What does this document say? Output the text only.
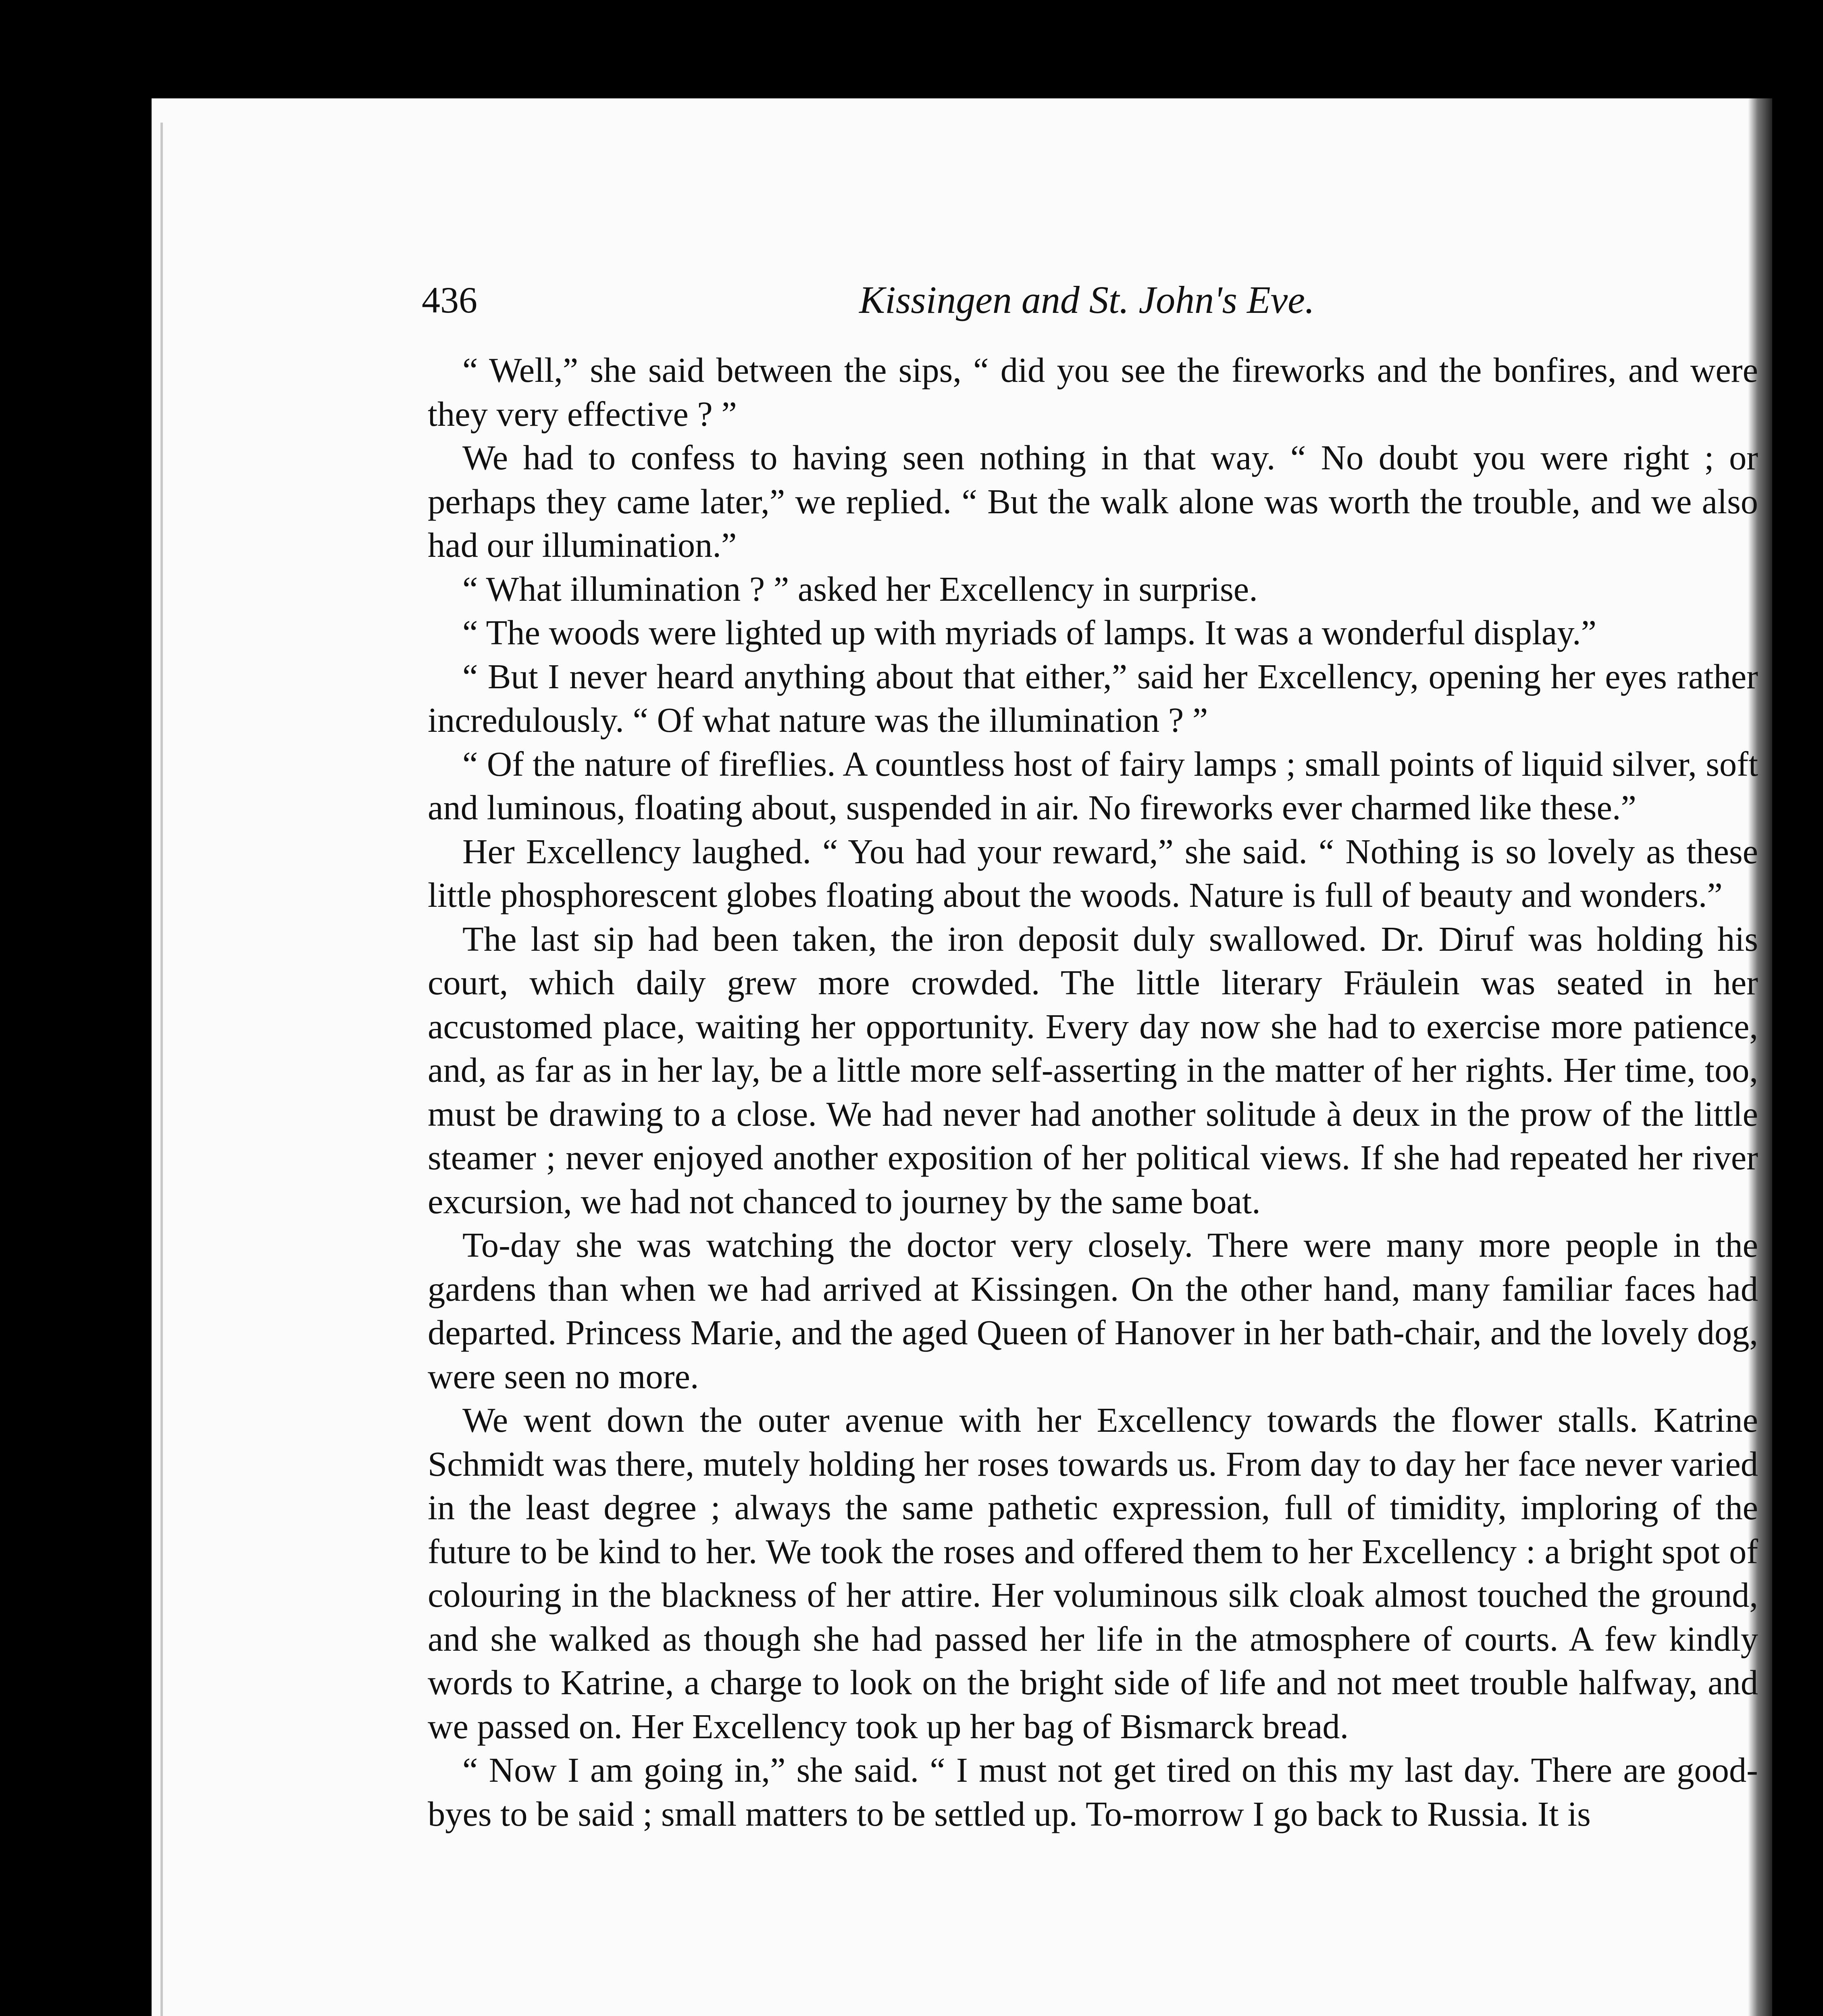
436	Kissingen and St. John's Eve.

“ Well,” she said between the sips, “ did you see the fireworks and the bonfires, and were they very effective ? ”

We had to confess to having seen nothing in that way. “ No doubt you were right ; or perhaps they came later,” we replied. “ But the walk alone was worth the trouble, and we also had our illumination.”

“ What illumination ? ” asked her Excellency in surprise.

“ The woods were lighted up with myriads of lamps. It was a wonderful display.”

“ But I never heard anything about that either,” said her Excellency, opening her eyes rather incredulously. “ Of what nature was the illumination ? ”

“ Of the nature of fireflies. A countless host of fairy lamps ; small points of liquid silver, soft and luminous, floating about, suspended in air. No fireworks ever charmed like these.”

Her Excellency laughed. “ You had your reward,” she said. “ Nothing is so lovely as these little phosphorescent globes floating about the woods. Nature is full of beauty and wonders.”

The last sip had been taken, the iron deposit duly swallowed. Dr. Diruf was holding his court, which daily grew more crowded. The little literary Fräulein was seated in her accustomed place, waiting her opportunity. Every day now she had to exercise more patience, and, as far as in her lay, be a little more self-asserting in the matter of her rights. Her time, too, must be drawing to a close. We had never had another solitude à deux in the prow of the little steamer ; never enjoyed another exposition of her political views. If she had repeated her river excursion, we had not chanced to journey by the same boat.

To-day she was watching the doctor very closely. There were many more people in the gardens than when we had arrived at Kissingen. On the other hand, many familiar faces had departed. Princess Marie, and the aged Queen of Hanover in her bath-chair, and the lovely dog, were seen no more.

We went down the outer avenue with her Excellency towards the flower stalls. Katrine Schmidt was there, mutely holding her roses towards us. From day to day her face never varied in the least degree ; always the same pathetic expression, full of timidity, imploring of the future to be kind to her. We took the roses and offered them to her Excellency : a bright spot of colouring in the blackness of her attire. Her voluminous silk cloak almost touched the ground, and she walked as though she had passed her life in the atmosphere of courts. A few kindly words to Katrine, a charge to look on the bright side of life and not meet trouble halfway, and we passed on. Her Excellency took up her bag of Bismarck bread.

“ Now I am going in,” she said. “ I must not get tired on this my last day. There are good-byes to be said ; small matters to be settled up. To-morrow I go back to Russia. It is
